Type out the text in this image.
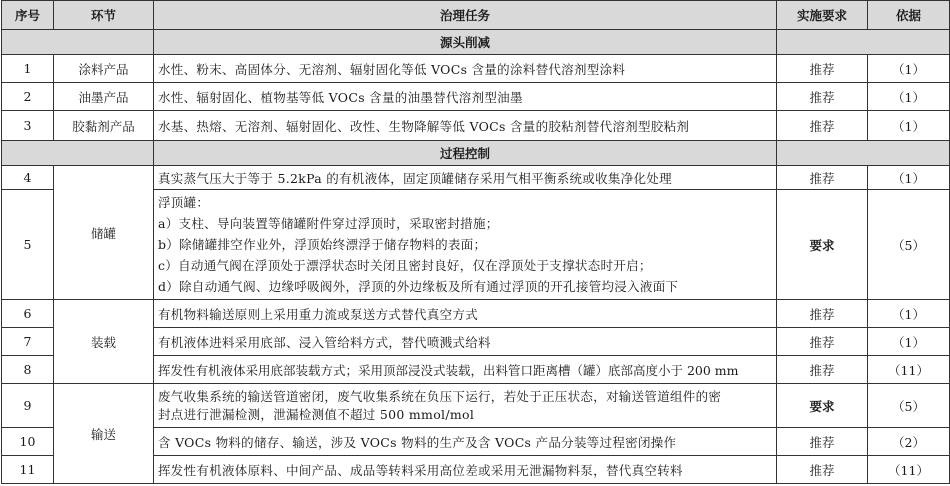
序号	环节	治理任务	实施要求	依据
		源头削减		
1	涂料产品	水性、粉末、高固体分、无溶剂、辐射固化等低 VOCs 含量的涂料替代溶剂型涂料	推荐	（1）
2	油墨产品	水性、辐射固化、植物基等低 VOCs 含量的油墨替代溶剂型油墨	推荐	（1）
3	胶黏剂产品	水基、热熔、无溶剂、辐射固化、改性、生物降解等低 VOCs 含量的胶粘剂替代溶剂型胶粘剂	推荐	（1）
		过程控制		
4	储罐	真实蒸气压大于等于 5.2kPa 的有机液体，固定顶罐储存采用气相平衡系统或收集净化处理	推荐	（1）
5		浮顶罐：
a）支柱、导向装置等储罐附件穿过浮顶时，采取密封措施；
b）除储罐排空作业外，浮顶始终漂浮于储存物料的表面；
c）自动通气阀在浮顶处于漂浮状态时关闭且密封良好，仅在浮顶处于支撑状态时开启；
d）除自动通气阀、边缘呼吸阀外，浮顶的外边缘板及所有通过浮顶的开孔接管均浸入液面下	要求	（5）
6	装载	有机物料输送原则上采用重力流或泵送方式替代真空方式	推荐	（1）
7		有机液体进料采用底部、浸入管给料方式，替代喷溅式给料	推荐	（1）
8		挥发性有机液体采用底部装载方式；采用顶部浸没式装载，出料管口距离槽（罐）底部高度小于 200 mm	推荐	（11）
9	输送	废气收集系统的输送管道密闭，废气收集系统在负压下运行，若处于正压状态，对输送管道组件的密
封点进行泄漏检测，泄漏检测值不超过 500 mmol/mol	要求	（5）
10		含 VOCs 物料的储存、输送，涉及 VOCs 物料的生产及含 VOCs 产品分装等过程密闭操作	推荐	（2）
11		挥发性有机液体原料、中间产品、成品等转料采用高位差或采用无泄漏物料泵，替代真空转料	推荐	（11）
